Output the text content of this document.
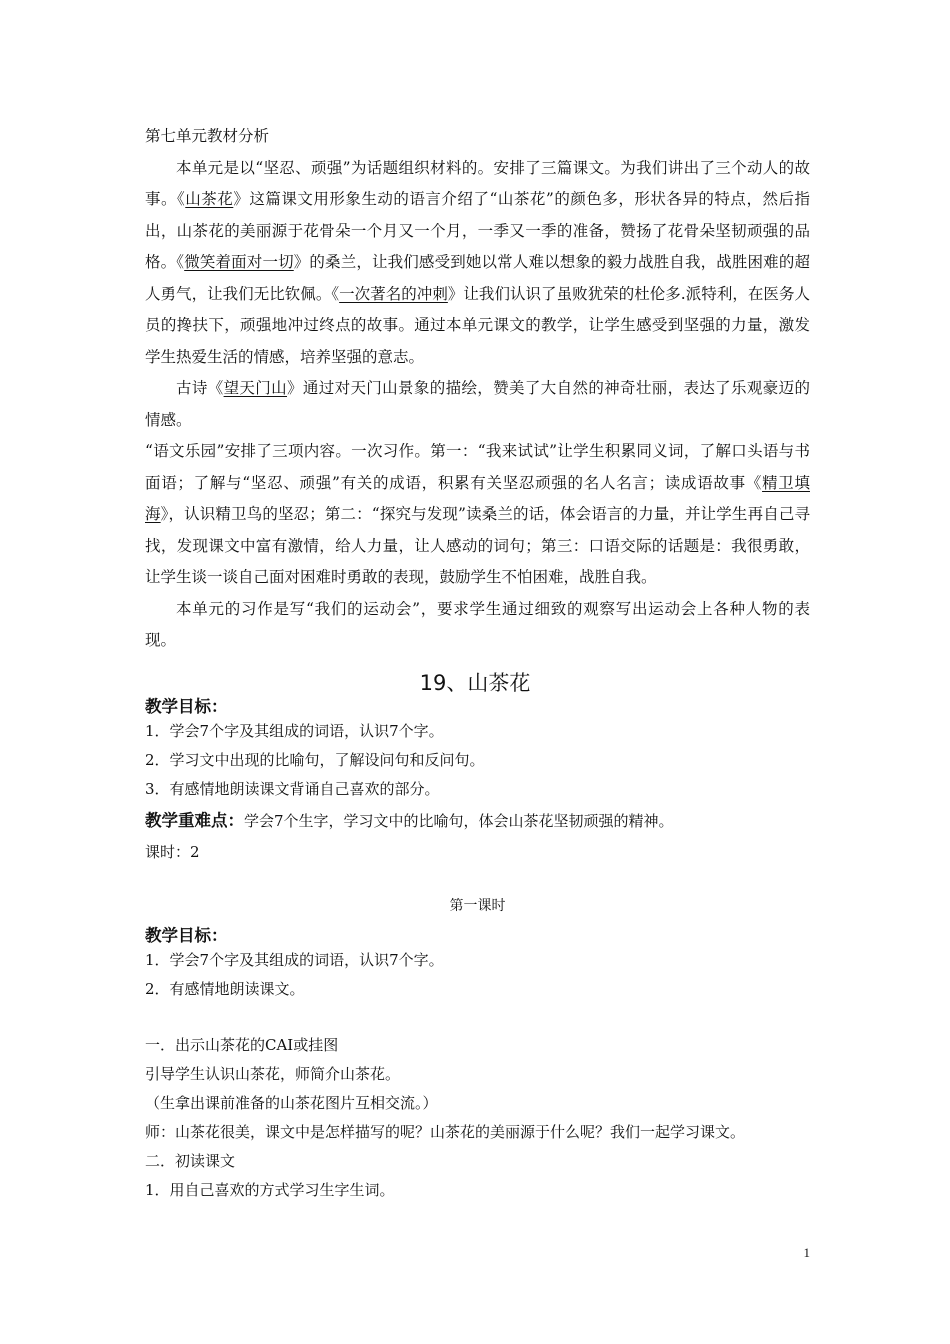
第七单元教材分析

本单元是以“坚忍、顽强”为话题组织材料的。安排了三篇课文。为我们讲出了三个动人的故事。《山茶花》这篇课文用形象生动的语言介绍了“山茶花”的颜色多，形状各异的特点，然后指出，山茶花的美丽源于花骨朵一个月又一个月，一季又一季的准备，赞扬了花骨朵坚韧顽强的品格。《微笑着面对一切》的桑兰，让我们感受到她以常人难以想象的毅力战胜自我，战胜困难的超人勇气，让我们无比钦佩。《一次著名的冲刺》让我们认识了虽败犹荣的杜伦多.派特利，在医务人员的搀扶下，顽强地冲过终点的故事。通过本单元课文的教学，让学生感受到坚强的力量，激发学生热爱生活的情感，培养坚强的意志。

古诗《望天门山》通过对天门山景象的描绘，赞美了大自然的神奇壮丽，表达了乐观豪迈的情感。

“语文乐园”安排了三项内容。一次习作。第一：“我来试试”让学生积累同义词，了解口头语与书面语；了解与“坚忍、顽强”有关的成语，积累有关坚忍顽强的名人名言；读成语故事《精卫填海》，认识精卫鸟的坚忍；第二：“探究与发现”读桑兰的话，体会语言的力量，并让学生再自己寻找，发现课文中富有激情，给人力量，让人感动的词句；第三：口语交际的话题是：我很勇敢，让学生谈一谈自己面对困难时勇敢的表现，鼓励学生不怕困难，战胜自我。

本单元的习作是写“我们的运动会”，要求学生通过细致的观察写出运动会上各种人物的表现。

19、山茶花
教学目标：

1．学会7个字及其组成的词语，认识7个字。

2．学习文中出现的比喻句，了解设问句和反问句。

3．有感情地朗读课文背诵自己喜欢的部分。

教学重难点：学会7个生字，学习文中的比喻句，体会山茶花坚韧顽强的精神。

课时：2

第一课时

教学目标：

1．学会7个字及其组成的词语，认识7个字。

2．有感情地朗读课文。

一．出示山茶花的CAI或挂图

引导学生认识山茶花，师简介山茶花。

（生拿出课前准备的山茶花图片互相交流。）

师：山茶花很美，课文中是怎样描写的呢？山茶花的美丽源于什么呢？我们一起学习课文。

二．初读课文

1．用自己喜欢的方式学习生字生词。

1
